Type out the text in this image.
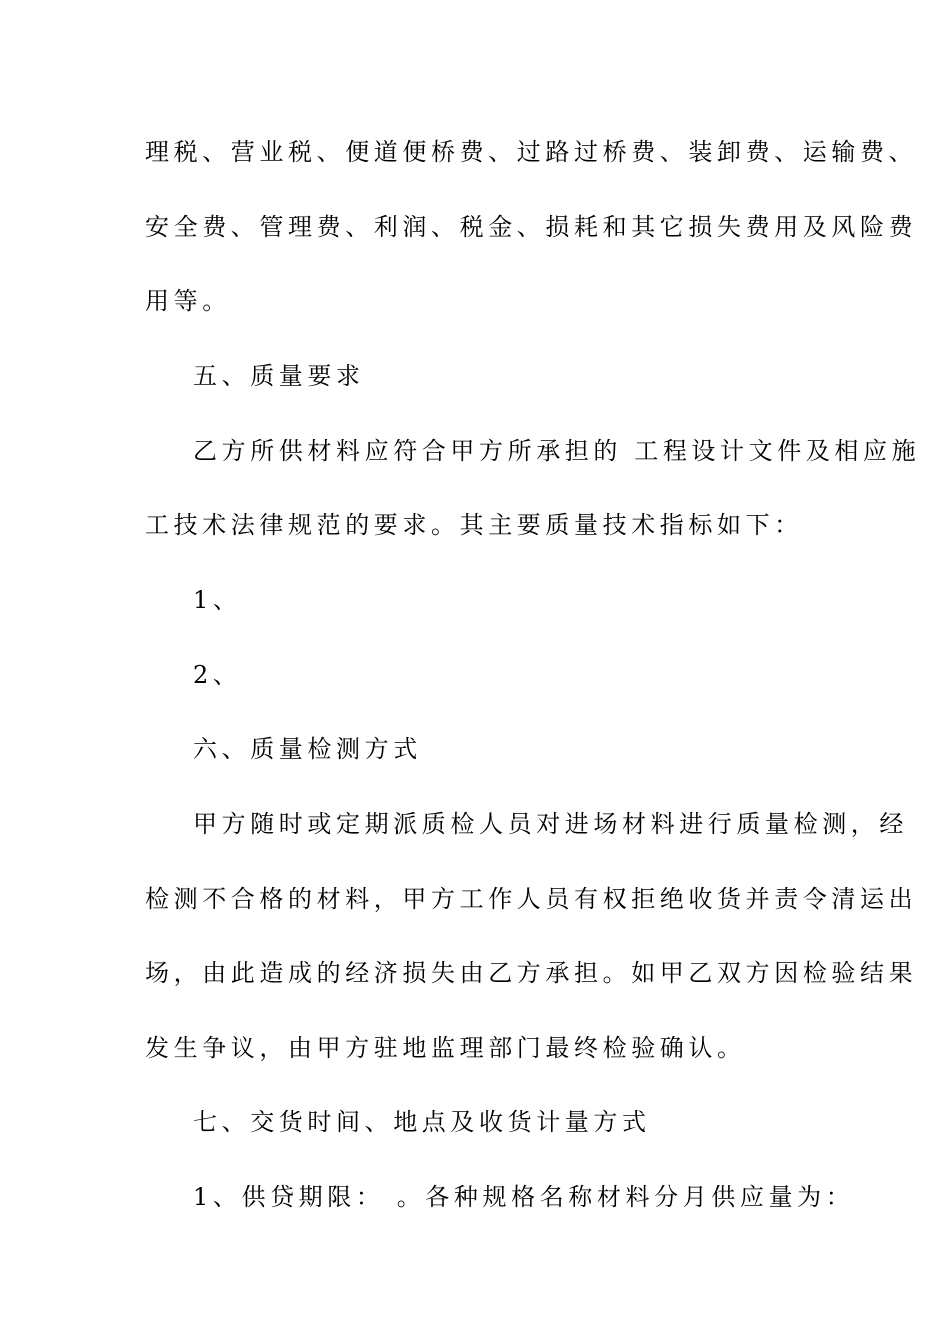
理税、营业税、便道便桥费、过路过桥费、装卸费、运输费、
安全费、管理费、利润、税金、损耗和其它损失费用及风险费
用等。
五、质量要求
乙方所供材料应符合甲方所承担的 工程设计文件及相应施
工技术法律规范的要求。其主要质量技术指标如下：
1、
2、
六、质量检测方式
甲方随时或定期派质检人员对进场材料进行质量检测，经
检测不合格的材料，甲方工作人员有权拒绝收货并责令清运出
场，由此造成的经济损失由乙方承担。如甲乙双方因检验结果
发生争议，由甲方驻地监理部门最终检验确认。
七、交货时间、地点及收货计量方式
1、供贷期限： 。各种规格名称材料分月供应量为：
